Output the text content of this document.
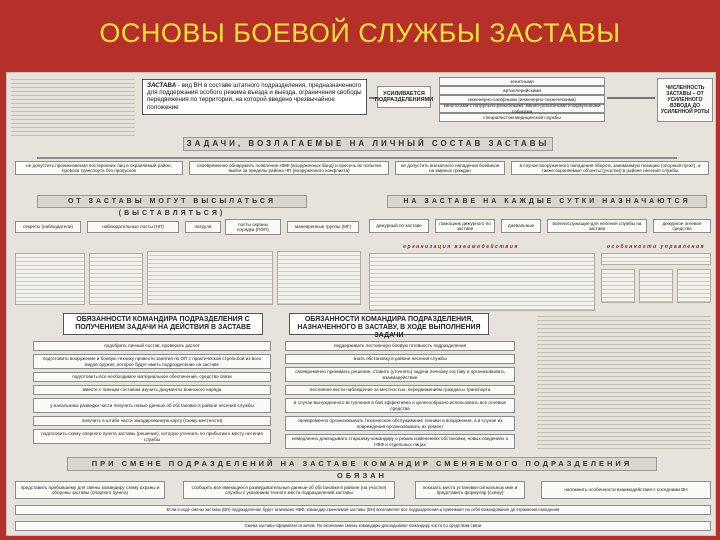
ОСНОВЫ БОЕВОЙ СЛУЖБЫ ЗАСТАВЫ
ЗАСТАВА - вид ВН в составе штатного подразделения, предназначенного для поддержания особого режима въезда и выезда, ограничения свободы передвижения по территории, на которой введено чрезвычайное положение
УСИЛИВАЕТСЯ ПОДРАЗДЕЛЕНИЯМИ
зенитными
артиллерийскими
инженерно-саперными (инженерно-техническими)
кинологами с патрульно-розыскными, минно-розыскными и караульными собаками
специалистом медицинской службы
ЧИСЛЕННОСТЬ ЗАСТАВЫ – ОТ УСИЛЕННОГО ВЗВОДА ДО УСИЛЕННОЙ РОТЫ
ЗАДАЧИ, ВОЗЛАГАЕМЫЕ НА ЛИЧНЫЙ СОСТАВ ЗАСТАВЫ
не допустить проникновения посторонних лиц в охраняемый район, провоза транспорта без пропусков
своевременно обнаружить появление НВФ (вооруженных банд) и пресечь их попытки выйти за пределы района ЧП (вооруженного конфликта)
не допустить внезапного нападения боевиков на мирных граждан
в случае вооруженного нападения обороть занимаемую позицию (опорный пункт), а также охраняемые объекты (участки) в районе несения службы
ОТ ЗАСТАВЫ МОГУТ ВЫСЫЛАТЬСЯ (ВЫСТАВЛЯТЬСЯ)
секреты (наблюдатели)	наблюдательные посты (НП)	патрули
посты охраны порядка (ПОП)
маневренные группы (МГ)
НА ЗАСТАВЕ НА КАЖДЫЕ СУТКИ НАЗНАЧАЮТСЯ
дежурный по заставе
помощник дежурного по заставе
дневальные
военнослужащие для несения службы на заставе
дежурное огневое средство
организация взаимодействия	особенности управления
ОБЯЗАННОСТИ КОМАНДИРА ПОДРАЗДЕЛЕНИЯ С ПОЛУЧЕНИЕМ ЗАДАЧИ НА ДЕЙСТВИЯ В ЗАСТАВЕ
подобрать личный состав, проверить расчет
подготовить вооружение и боевую технику провести занятия по ОП с практической стрельбой из всех видов оружия, которое будет иметь подразделение на заставе
подготовить все необходимое материальное обеспечение, средства связи
вместе с личным составом изучить документы воинского наряда
у начальника разведки части получить новые данные об обстановке в районе несения службы
получить в штабе части закодированную карту (схему местности)
подготовить схему опорного пункта заставы (решение), которую уточнить по прибытии к месту несения службы
ОБЯЗАННОСТИ КОМАНДИРА ПОДРАЗДЕЛЕНИЯ, НАЗНАЧЕННОГО В ЗАСТАВУ, В ХОДЕ ВЫПОЛНЕНИЯ ЗАДАЧИ
поддерживать постоянную боевую готовность подразделения
знать обстановку в районе несения службы
своевременно принимать решение, ставить (уточнять) задачи личному составу и организовывать взаимодействие
постоянно вести наблюдение за местностью, передвижением граждан и транспорта
в случае вынужденного вступления в бой эффективно и целесообразно использовать все огневые средства
своевременно организовывать техническое обслуживание техники и вооружения, а в случае их повреждения организовывать их ремонт
немедленно докладывать старшему командиру о резких изменениях обстановки, новых сведениях о НВФ и отдельных лицах
ПРИ СМЕНЕ ПОДРАЗДЕЛЕНИЙ НА ЗАСТАВЕ КОМАНДИР СМЕНЯЕМОГО ПОДРАЗДЕЛЕНИЯ ОБЯЗАН
представить прибывшему для смены командиру схему охраны и обороны заставы (опорного пункта)
сообщить все имеющиеся разведывательные данные об обстановке в районе (на участке) службы с указанием точного места подразделений заставы
показать места установки сигнальных мин и представить формуляр (схему)
напомнить особенности взаимодействия с соседними ВН
Если в ходе смены заставы (ВН) подразделение будет атаковано НВФ, командир сменяемой заставы (ВН) возглавляет все подразделения и принимает на себя командование до отражения нападения
Смена заставы оформляется актом. По окончании смены командиры докладывают командиру части по средствам связи
